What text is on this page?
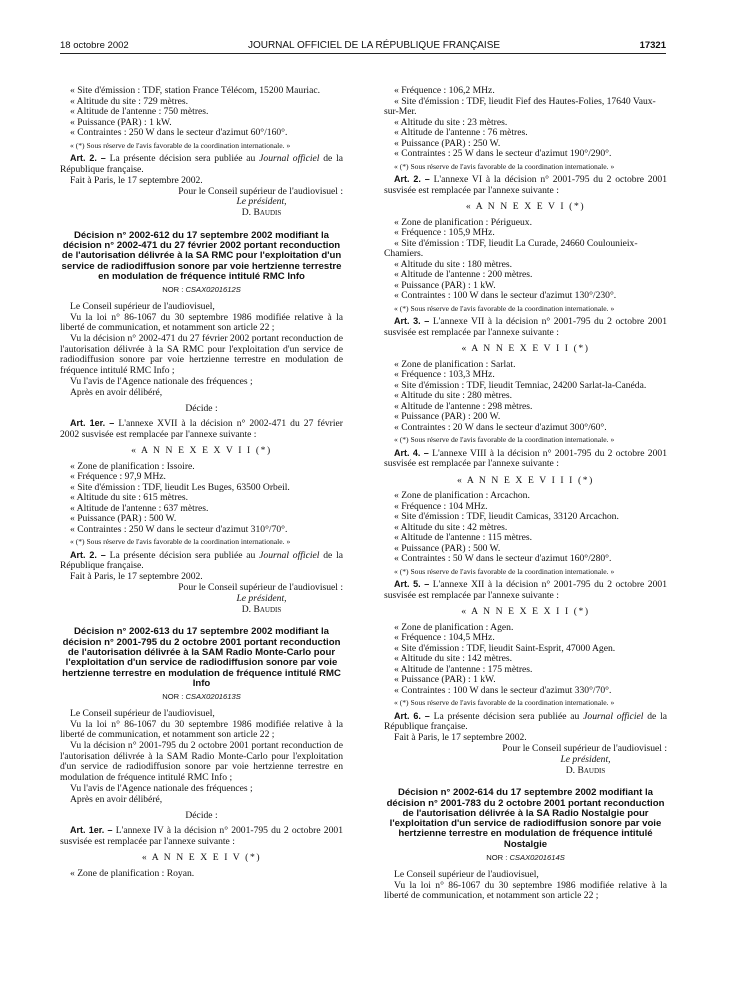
18 octobre 2002	JOURNAL OFFICIEL DE LA RÉPUBLIQUE FRANÇAISE	17321
« Site d'émission : TDF, station France Télécom, 15200 Mauriac.
« Altitude du site : 729 mètres.
« Altitude de l'antenne : 750 mètres.
« Puissance (PAR) : 1 kW.
« Contraintes : 250 W dans le secteur d'azimut 60°/160°.

« (*) Sous réserve de l'avis favorable de la coordination internationale. »

Art. 2. – La présente décision sera publiée au Journal officiel de la République française.

Fait à Paris, le 17 septembre 2002.

Pour le Conseil supérieur de l'audiovisuel :

Le président,

D. Baudis

Décision n° 2002-612 du 17 septembre 2002 modifiant la décision n° 2002-471 du 27 février 2002 portant reconduction de l'autorisation délivrée à la SA RMC pour l'exploitation d'un service de radiodiffusion sonore par voie hertzienne terrestre en modulation de fréquence intitulé RMC Info

NOR : CSAX0201612S

Le Conseil supérieur de l'audiovisuel,

Vu la loi n° 86-1067 du 30 septembre 1986 modifiée relative à la liberté de communication, et notamment son article 22 ;

Vu la décision n° 2002-471 du 27 février 2002 portant reconduction de l'autorisation délivrée à la SA RMC pour l'exploitation d'un service de radiodiffusion sonore par voie hertzienne terrestre en modulation de fréquence intitulé RMC Info ;

Vu l'avis de l'Agence nationale des fréquences ;

Après en avoir délibéré,

Décide :

Art. 1er. – L'annexe XVII à la décision n° 2002-471 du 27 février 2002 susvisée est remplacée par l'annexe suivante :

« A N N E X E X V I I (*)

« Zone de planification : Issoire.
« Fréquence : 97,9 MHz.
« Site d'émission : TDF, lieudit Les Buges, 63500 Orbeil.
« Altitude du site : 615 mètres.
« Altitude de l'antenne : 637 mètres.
« Puissance (PAR) : 500 W.
« Contraintes : 250 W dans le secteur d'azimut 310°/70°.

« (*) Sous réserve de l'avis favorable de la coordination internationale. »

Art. 2. – La présente décision sera publiée au Journal officiel de la République française.

Fait à Paris, le 17 septembre 2002.

Pour le Conseil supérieur de l'audiovisuel :

Le président,

D. Baudis

Décision n° 2002-613 du 17 septembre 2002 modifiant la décision n° 2001-795 du 2 octobre 2001 portant reconduction de l'autorisation délivrée à la SAM Radio Monte-Carlo pour l'exploitation d'un service de radiodiffusion sonore par voie hertzienne terrestre en modulation de fréquence intitulé RMC Info

NOR : CSAX0201613S

Le Conseil supérieur de l'audiovisuel,

Vu la loi n° 86-1067 du 30 septembre 1986 modifiée relative à la liberté de communication, et notamment son article 22 ;

Vu la décision n° 2001-795 du 2 octobre 2001 portant reconduction de l'autorisation délivrée à la SAM Radio Monte-Carlo pour l'exploitation d'un service de radiodiffusion sonore par voie hertzienne terrestre en modulation de fréquence intitulé RMC Info ;

Vu l'avis de l'Agence nationale des fréquences ;

Après en avoir délibéré,

Décide :

Art. 1er. – L'annexe IV à la décision n° 2001-795 du 2 octobre 2001 susvisée est remplacée par l'annexe suivante :

« A N N E X E I V (*)

« Zone de planification : Royan.

« Fréquence : 106,2 MHz.
« Site d'émission : TDF, lieudit Fief des Hautes-Folies, 17640 Vaux-sur-Mer.
« Altitude du site : 23 mètres.
« Altitude de l'antenne : 76 mètres.
« Puissance (PAR) : 250 W.
« Contraintes : 25 W dans le secteur d'azimut 190°/290°.

« (*) Sous réserve de l'avis favorable de la coordination internationale. »

Art. 2. – L'annexe VI à la décision n° 2001-795 du 2 octobre 2001 susvisée est remplacée par l'annexe suivante :

« A N N E X E V I (*)

« Zone de planification : Périgueux.
« Fréquence : 105,9 MHz.
« Site d'émission : TDF, lieudit La Curade, 24660 Coulounieix-Chamiers.
« Altitude du site : 180 mètres.
« Altitude de l'antenne : 200 mètres.
« Puissance (PAR) : 1 kW.
« Contraintes : 100 W dans le secteur d'azimut 130°/230°.

« (*) Sous réserve de l'avis favorable de la coordination internationale. »

Art. 3. – L'annexe VII à la décision n° 2001-795 du 2 octobre 2001 susvisée est remplacée par l'annexe suivante :

« A N N E X E V I I (*)

« Zone de planification : Sarlat.
« Fréquence : 103,3 MHz.
« Site d'émission : TDF, lieudit Temniac, 24200 Sarlat-la-Canéda.
« Altitude du site : 280 mètres.
« Altitude de l'antenne : 298 mètres.
« Puissance (PAR) : 200 W.
« Contraintes : 20 W dans le secteur d'azimut 300°/60°.

« (*) Sous réserve de l'avis favorable de la coordination internationale. »

Art. 4. – L'annexe VIII à la décision n° 2001-795 du 2 octobre 2001 susvisée est remplacée par l'annexe suivante :

« A N N E X E V I I I (*)

« Zone de planification : Arcachon.
« Fréquence : 104 MHz.
« Site d'émission : TDF, lieudit Camicas, 33120 Arcachon.
« Altitude du site : 42 mètres.
« Altitude de l'antenne : 115 mètres.
« Puissance (PAR) : 500 W.
« Contraintes : 50 W dans le secteur d'azimut 160°/280°.

« (*) Sous réserve de l'avis favorable de la coordination internationale. »

Art. 5. – L'annexe XII à la décision n° 2001-795 du 2 octobre 2001 susvisée est remplacée par l'annexe suivante :

« A N N E X E X I I (*)

« Zone de planification : Agen.
« Fréquence : 104,5 MHz.
« Site d'émission : TDF, lieudit Saint-Esprit, 47000 Agen.
« Altitude du site : 142 mètres.
« Altitude de l'antenne : 175 mètres.
« Puissance (PAR) : 1 kW.
« Contraintes : 100 W dans le secteur d'azimut 330°/70°.

« (*) Sous réserve de l'avis favorable de la coordination internationale. »

Art. 6. – La présente décision sera publiée au Journal officiel de la République française.

Fait à Paris, le 17 septembre 2002.

Pour le Conseil supérieur de l'audiovisuel :

Le président,

D. Baudis

Décision n° 2002-614 du 17 septembre 2002 modifiant la décision n° 2001-783 du 2 octobre 2001 portant reconduction de l'autorisation délivrée à la SA Radio Nostalgie pour l'exploitation d'un service de radiodiffusion sonore par voie hertzienne terrestre en modulation de fréquence intitulé Nostalgie

NOR : CSAX0201614S

Le Conseil supérieur de l'audiovisuel,

Vu la loi n° 86-1067 du 30 septembre 1986 modifiée relative à la liberté de communication, et notamment son article 22 ;
